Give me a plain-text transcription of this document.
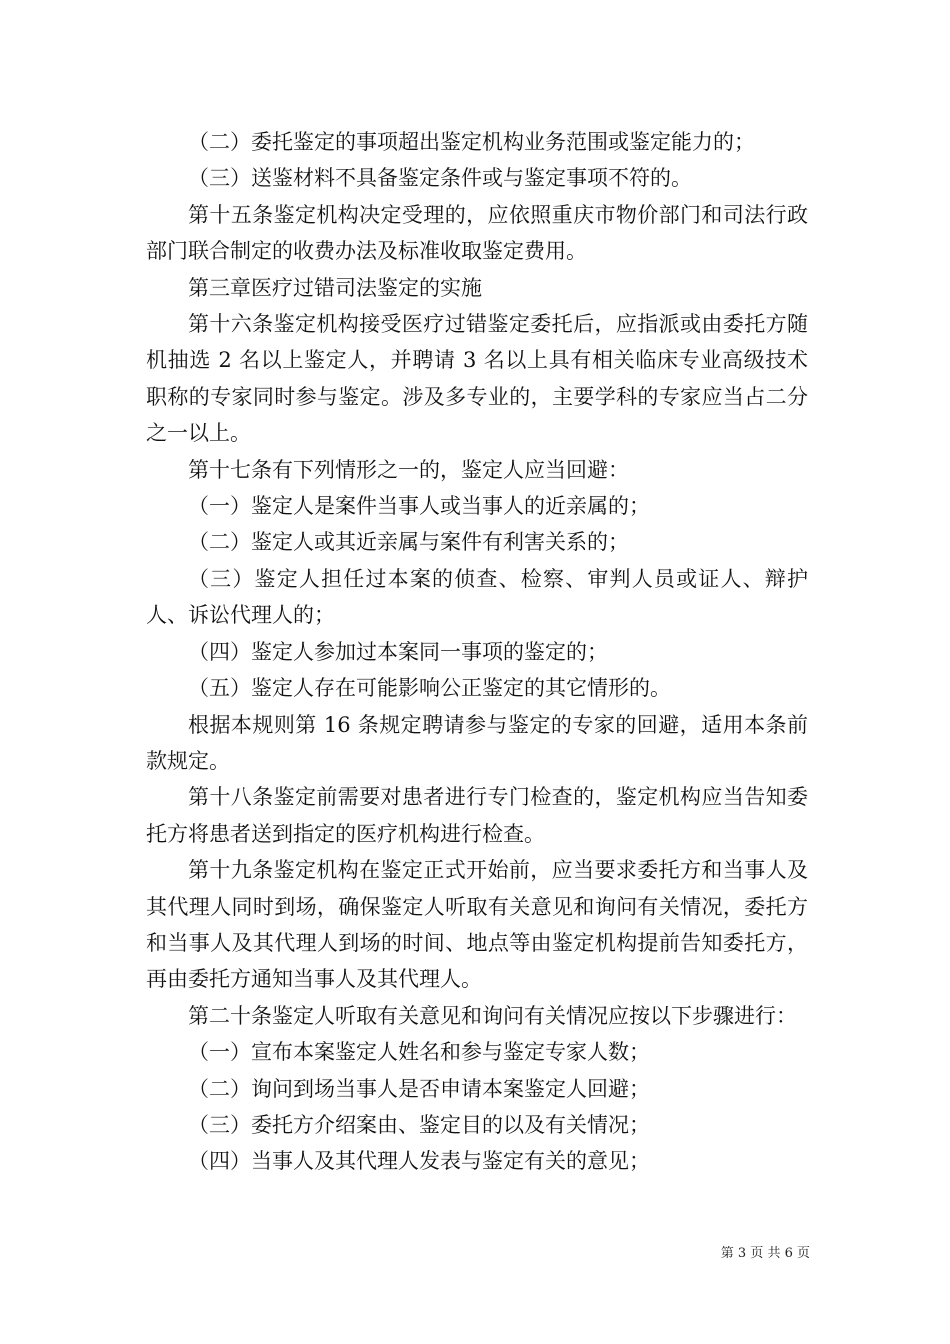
（二）委托鉴定的事项超出鉴定机构业务范围或鉴定能力的；

（三）送鉴材料不具备鉴定条件或与鉴定事项不符的。

第十五条鉴定机构决定受理的，应依照重庆市物价部门和司法行政部门联合制定的收费办法及标准收取鉴定费用。

第三章医疗过错司法鉴定的实施

第十六条鉴定机构接受医疗过错鉴定委托后，应指派或由委托方随机抽选 2 名以上鉴定人，并聘请 3 名以上具有相关临床专业高级技术职称的专家同时参与鉴定。涉及多专业的，主要学科的专家应当占二分之一以上。

第十七条有下列情形之一的，鉴定人应当回避：

（一）鉴定人是案件当事人或当事人的近亲属的；

（二）鉴定人或其近亲属与案件有利害关系的；

（三）鉴定人担任过本案的侦查、检察、审判人员或证人、辩护人、诉讼代理人的；

（四）鉴定人参加过本案同一事项的鉴定的；

（五）鉴定人存在可能影响公正鉴定的其它情形的。

根据本规则第 16 条规定聘请参与鉴定的专家的回避，适用本条前款规定。

第十八条鉴定前需要对患者进行专门检查的，鉴定机构应当告知委托方将患者送到指定的医疗机构进行检查。

第十九条鉴定机构在鉴定正式开始前，应当要求委托方和当事人及其代理人同时到场，确保鉴定人听取有关意见和询问有关情况，委托方和当事人及其代理人到场的时间、地点等由鉴定机构提前告知委托方，再由委托方通知当事人及其代理人。

第二十条鉴定人听取有关意见和询问有关情况应按以下步骤进行：

（一）宣布本案鉴定人姓名和参与鉴定专家人数；

（二）询问到场当事人是否申请本案鉴定人回避；

（三）委托方介绍案由、鉴定目的以及有关情况；

（四）当事人及其代理人发表与鉴定有关的意见；

第 3 页 共 6 页
